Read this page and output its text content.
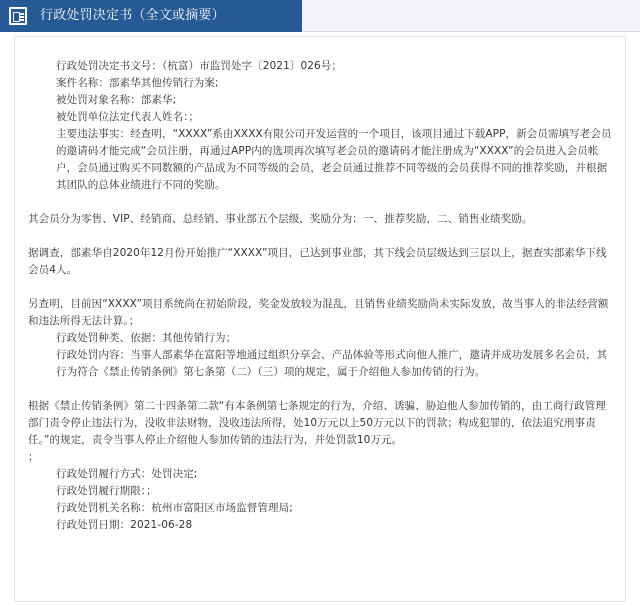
行政处罚决定书（全文或摘要）

行政处罚决定书文号：（杭富）市监罚处字〔2021〕026号；

案件名称：部素华其他传销行为案;

被处罚对象名称：部素华;

被处罚单位法定代表人姓名：；

主要违法事实：经查明，“XXXX”系由XXXX有限公司开发运营的一个项目，该项目通过下载APP，新会员需填写老会员的邀请码才能完成“会员注册，再通过APP内的选项再次填写老会员的邀请码才能注册成为“XXXX”的会员进入会员帐户，会员通过购买不同数额的产品成为不同等级的会员，老会员通过推荐不同等级的会员获得不同的推荐奖励，并根据其团队的总体业绩进行不同的奖励。

其会员分为零售、VIP、经销商、总经销、事业部五个层级，奖励分为：一、推荐奖励，二、销售业绩奖励。

据调查，部素华自2020年12月份开始推广“XXXX”项目，已达到事业部，其下线会员层级达到三层以上，据查实部素华下线会员4人。

另查明，目前因“XXXX”项目系统尚在初始阶段，奖金发放较为混乱，且销售业绩奖励尚未实际发放，故当事人的非法经营额和违法所得无法计算。；

行政处罚种类、依据：其他传销行为；

行政处罚内容：当事人部素华在富阳等地通过组织分享会、产品体验等形式向他人推广，邀请并成功发展多名会员，其行为符合《禁止传销条例》第七条第（二）（三）项的规定，属于介绍他人参加传销的行为。

根据《禁止传销条例》第二十四条第二款“有本条例第七条规定的行为，介绍、诱骗、胁迫他人参加传销的，由工商行政管理部门责令停止违法行为，没收非法财物，没收违法所得，处10万元以上50万元以下的罚款；构成犯罪的，依法追究刑事责任。”的规定，责令当事人停止介绍他人参加传销的违法行为，并处罚款10万元。

；

行政处罚履行方式：处罚决定;

行政处罚履行期限：；

行政处罚机关名称：杭州市富阳区市场监督管理局;

行政处罚日期：2021-06-28
